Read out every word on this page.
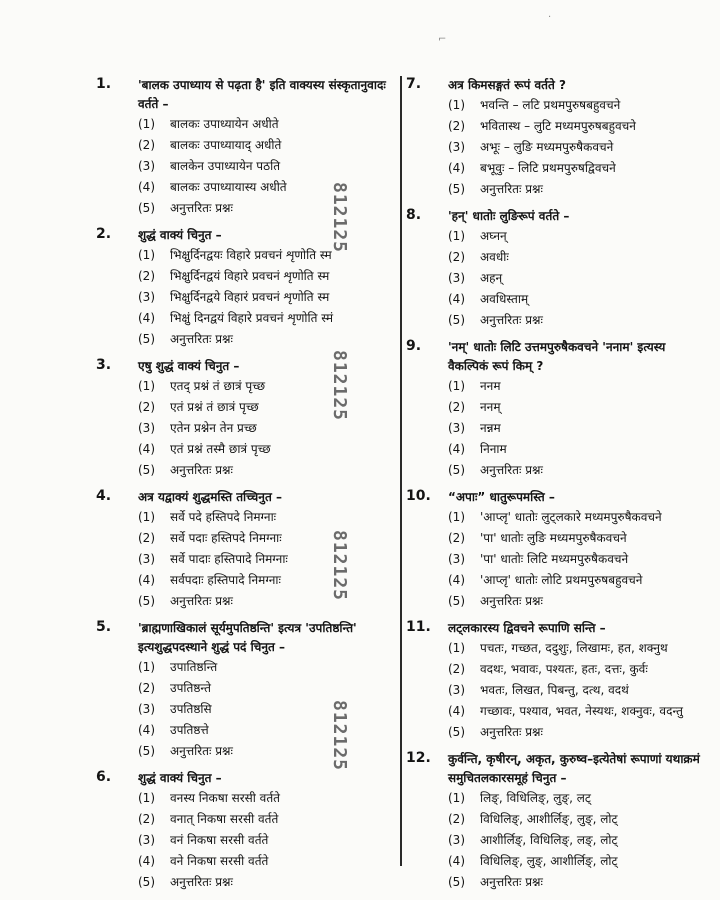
1.	'बालक उपाध्याय से पढ़ता है' इति वाक्यस्य संस्कृतानुवादः वर्तते –
(1)	बालकः उपाध्यायेन अधीते
(2)	बालकः उपाध्यायाद् अधीते
(3)	बालकेन उपाध्यायेन पठति
(4)	बालकः उपाध्यायास्य अधीते
(5)	अनुत्तरितः प्रश्नः
2.	शुद्धं वाक्यं चिनुत –
(1)	भिक्षुर्दिनद्वयः विहारे प्रवचनं शृणोति स्म
(2)	भिक्षुर्दिनद्वयं विहारे प्रवचनं शृणोति स्म
(3)	भिक्षुर्दिनद्वये विहारं प्रवचनं शृणोति स्म
(4)	भिक्षुं दिनद्वयं विहारे प्रवचनं शृणोति स्मं
(5)	अनुत्तरितः प्रश्नः
3.	एषु शुद्धं वाक्यं चिनुत –
(1)	एतद् प्रश्नं तं छात्रं पृच्छ
(2)	एतं प्रश्नं तं छात्रं पृच्छ
(3)	एतेन प्रश्नेन तेन प्रच्छ
(4)	एतं प्रश्नं तस्मै छात्रं पृच्छ
(5)	अनुत्तरितः प्रश्नः
4.	अत्र यद्वाक्यं शुद्धमस्ति तच्चिनुत –
(1)	सर्वे पदे हस्तिपदे निमग्नाः
(2)	सर्वे पदाः हस्तिपदे निमग्नाः
(3)	सर्वे पादाः हस्तिपादे निमग्नाः
(4)	सर्वपदाः हस्तिपादे निमग्नाः
(5)	अनुत्तरितः प्रश्नः
5.	'ब्राह्मणाखिकालं सूर्यमुपतिष्ठन्ति' इत्यत्र 'उपतिष्ठन्ति' इत्यशुद्धपदस्थाने शुद्धं पदं चिनुत –
(1)	उपातिष्ठन्ति
(2)	उपतिष्ठन्ते
(3)	उपतिष्ठसि
(4)	उपतिष्ठत्ते
(5)	अनुत्तरितः प्रश्नः
6.	शुद्धं वाक्यं चिनुत –
(1)	वनस्य निकषा सरसी वर्तते
(2)	वनात् निकषा सरसी वर्तते
(3)	वनं निकषा सरसी वर्तते
(4)	वने निकषा सरसी वर्तते
(5)	अनुत्तरितः प्रश्नः
7.	अत्र किमसङ्गतं रूपं वर्तते ?
(1)	भवन्ति – लटि प्रथमपुरुषबहुवचने
(2)	भवितास्थ – लुटि मध्यमपुरुषबहुवचने
(3)	अभूः – लुङि मध्यमपुरुषैकवचने
(4)	बभूवुः – लिटि प्रथमपुरुषद्विवचने
(5)	अनुत्तरितः प्रश्नः
8.	'हन्' धातोः लुङिरूपं वर्तते –
(1)	अघ्नन्
(2)	अवधीः
(3)	अहन्
(4)	अवधिस्ताम्
(5)	अनुत्तरितः प्रश्नः
9.	'नम्' धातोः लिटि उत्तमपुरुषैकवचने 'ननाम' इत्यस्य वैकल्पिकं रूपं किम् ?
(1)	ननम
(2)	ननम्
(3)	नन्नम
(4)	निनाम
(5)	अनुत्तरितः प्रश्नः
10. “अपाः” धातुरूपमस्ति –
(1)	'आप्लृ' धातोः लुट्लकारे मध्यमपुरुषैकवचने
(2)	'पा' धातोः लुङि मध्यमपुरुषैकवचने
(3)	'पा' धातोः लिटि मध्यमपुरुषैकवचने
(4)	'आप्लृ' धातोः लोटि प्रथमपुरुषबहुवचने
(5)	अनुत्तरितः प्रश्नः
11. लट्लकारस्य द्विवचने रूपाणि सन्ति –
(1)	पचतः, गच्छत, ददुशुः, लिखामः, हत, शक्नुथ
(2)	वदथः, भवावः, पश्यतः, हतः, दत्तः, कुर्वः
(3)	भवतः, लिखत, पिबन्तु, दत्थ, वदथं
(4)	गच्छावः, पश्याव, भवत, नेस्यथः, शक्नुवः, वदन्तु
(5)	अनुत्तरितः प्रश्नः
12. कुर्वन्ति, कृषीरन्, अकृत, कुरुष्व–इत्येतेषां रूपाणां यथाक्रमं समुचितलकारसमूहं चिनुत –
(1)	लिङ्, विधिलिङ्, लुङ्, लट्
(2)	विधिलिङ्, आशीर्लिङ्, लुङ्, लोट्
(3)	आशीर्लिङ्, विधिलिङ्, लङ्, लोट्
(4)	विधिलिङ्, लुङ्, आशीर्लिङ्, लोट्
(5)	अनुत्तरितः प्रश्नः
812125
812125
812125
812125
·
⌐
